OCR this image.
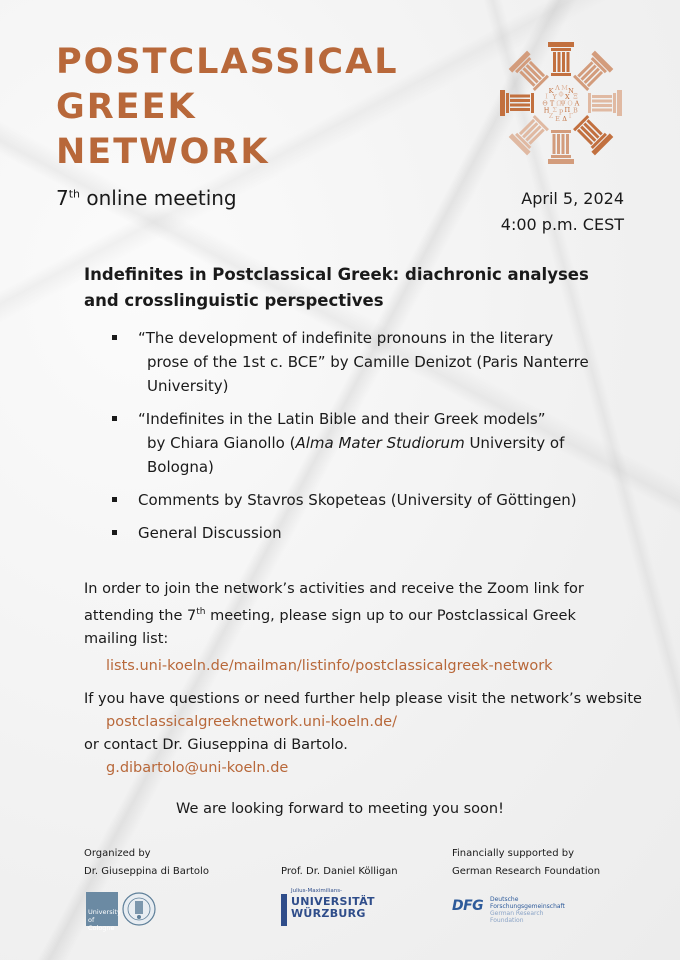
POSTCLASSICAL
GREEK
NETWORK
Α
Β
Γ
Δ
Ε
Ζ
Η
Θ
Ι
Κ Λ Μ Ν
Ξ
Ο
Π
Ρ
Σ
Τ
Υ Φ Χ
Ψ
Ω
7th online meeting	April 5, 2024
4:00 p.m. CEST
Indefinites in Postclassical Greek: diachronic analyses
and crosslinguistic perspectives
“The development of indefinite pronouns in the literary
prose of the 1st c. BCE” by Camille Denizot (Paris Nanterre
University)
“Indefinites in the Latin Bible and their Greek models”
by Chiara Gianollo (Alma Mater Studiorum University of
Bologna)
Comments by Stavros Skopeteas (University of Göttingen)
General Discussion
In order to join the network’s activities and receive the Zoom link for
attending the 7th meeting, please sign up to our Postclassical Greek
mailing list:
lists.uni-koeln.de/mailman/listinfo/postclassicalgreek-network
If you have questions or need further help please visit the network’s website
postclassicalgreeknetwork.uni-koeln.de/
or contact Dr. Giuseppina di Bartolo.
g.dibartolo@uni-koeln.de
We are looking forward to meeting you soon!
Organized by
Dr. Giuseppina di Bartolo	Prof. Dr. Daniel Kölligan
Financially supported by
German Research Foundation
University
of Cologne
Julius-Maximilians-
UNIVERSITÄT
WÜRZBURG	DFG Deutsche
Forschungsgemeinschaft
German Research Foundation
